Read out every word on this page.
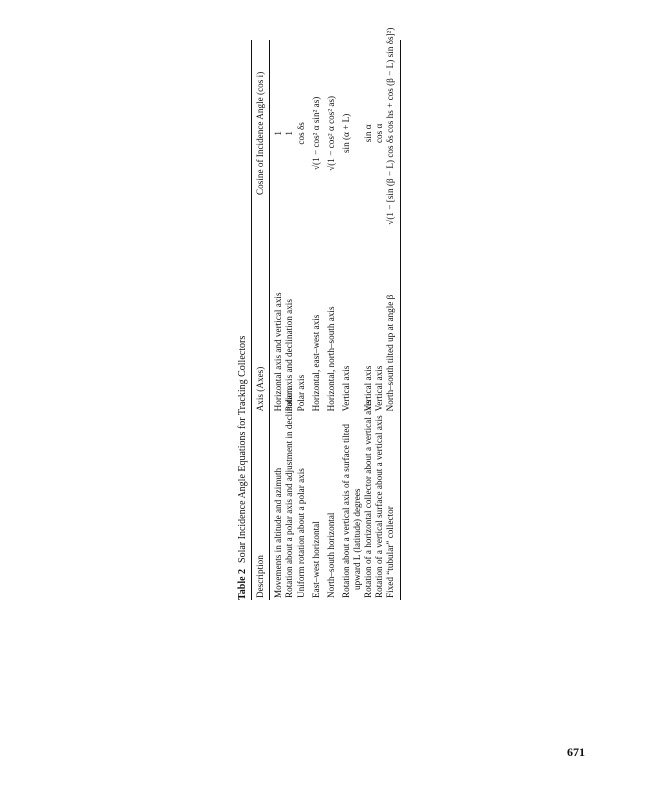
Table 2Solar Incidence Angle Equations for Tracking Collectors
Description	Axis (Axes)	Cosine of Incidence Angle (cos i)
Movements in altitude and azimuth	Horizontal axis and vertical axis	1
Rotation about a polar axis and adjustment in declination	Polar axis and declination axis	1
Uniform rotation about a polar axis	Polar axis	cos δs
East–west horizontal	Horizontal, east–west axis	√(1 − cos² α sin² as)
North–south horizontal	Horizontal, north–south axis	√(1 − cos² α cos² as)

Rotation about a vertical axis of a surface tilted upward L (latitude) degrees	Vertical axis	sin (α + L)
Rotation of a horizontal collector about a vertical axis	Vertical axis	sin α
Rotation of a vertical surface about a vertical axis	Vertical axis	cos α
Fixed “tubular” collector	North–south tilted up at angle β	√(1 − [sin (β − L) cos δs cos hs + cos (β − L) sin δs]²)
671
